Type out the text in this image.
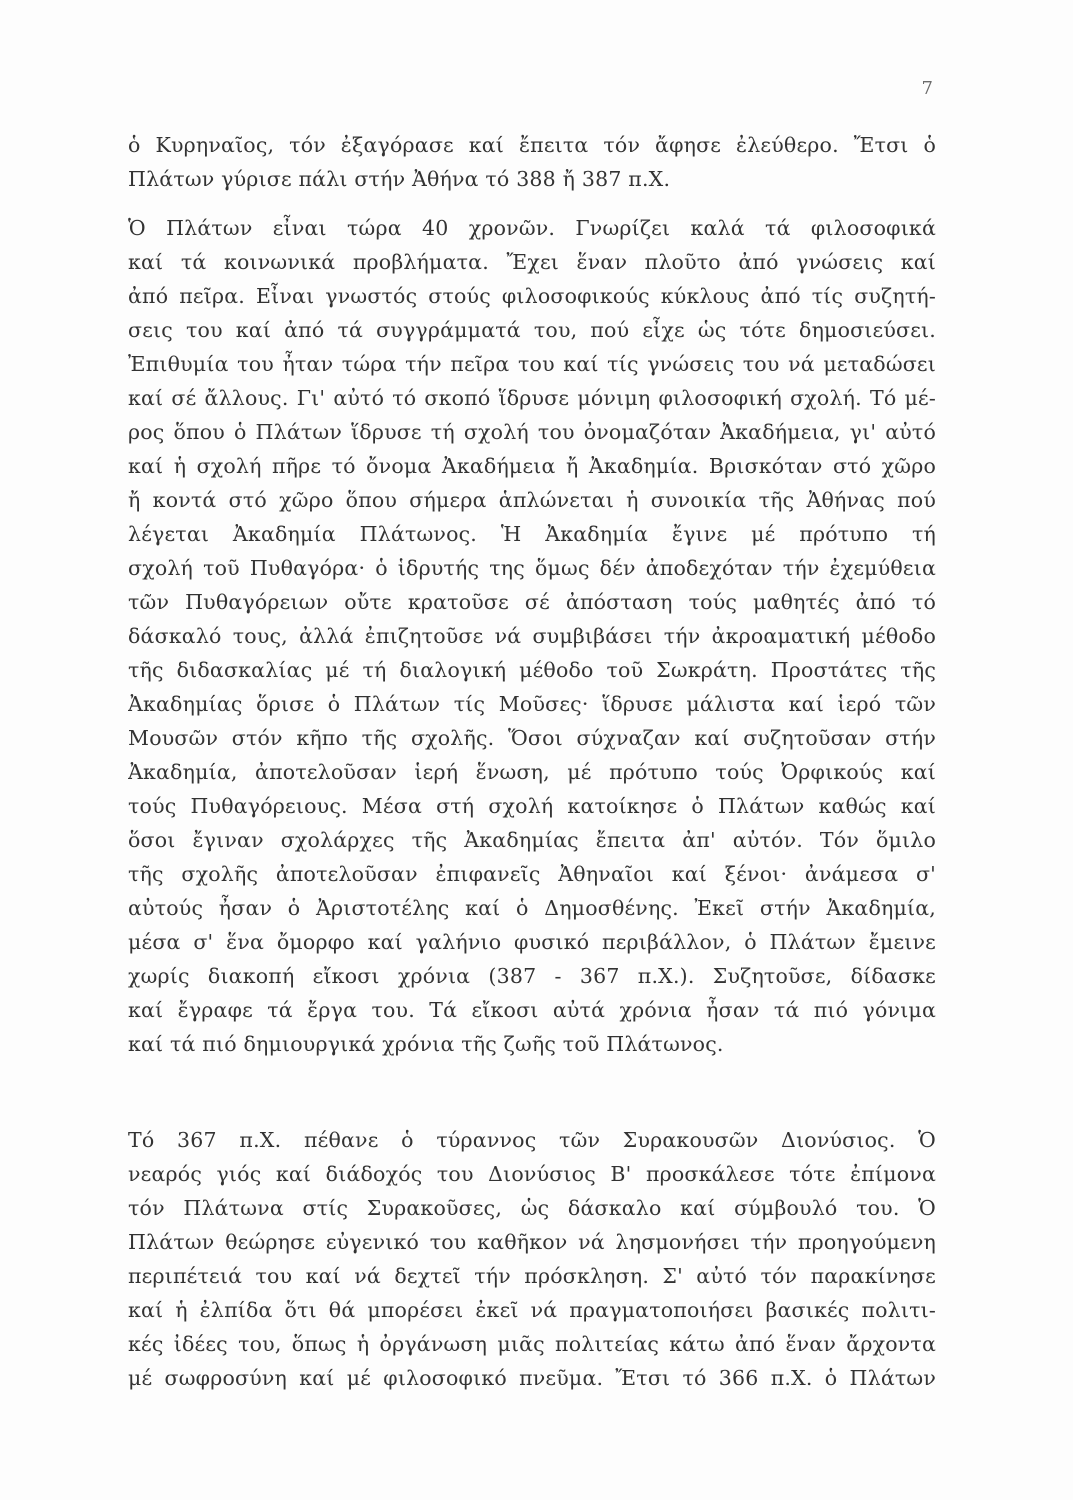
7
ὁ Κυρηναῖος, τόν ἐξαγόρασε καί ἔπειτα τόν ἄφησε ἐλεύθερο. Ἔτσι ὁ
Πλάτων γύρισε πάλι στήν Ἀθήνα τό 388 ἤ 387 π.Χ.
Ὁ Πλάτων εἶναι τώρα 40 χρονῶν. Γνωρίζει καλά τά φιλοσοφικά
καί τά κοινωνικά προβλήματα. Ἔχει ἕναν πλοῦτο ἀπό γνώσεις καί
ἀπό πεῖρα. Εἶναι γνωστός στούς φιλοσοφικούς κύκλους ἀπό τίς συζητή-
σεις του καί ἀπό τά συγγράμματά του, πού εἶχε ὡς τότε δημοσιεύσει.
Ἐπιθυμία του ἦταν τώρα τήν πεῖρα του καί τίς γνώσεις του νά μεταδώσει
καί σέ ἄλλους. Γι' αὐτό τό σκοπό ἵδρυσε μόνιμη φιλοσοφική σχολή. Τό μέ-
ρος ὅπου ὁ Πλάτων ἵδρυσε τή σχολή του ὀνομαζόταν Ἀκαδήμεια, γι' αὐτό
καί ἡ σχολή πῆρε τό ὄνομα Ἀκαδήμεια ἤ Ἀκαδημία. Βρισκόταν στό χῶρο
ἤ κοντά στό χῶρο ὅπου σήμερα ἁπλώνεται ἡ συνοικία τῆς Ἀθήνας πού
λέγεται Ἀκαδημία Πλάτωνος. Ἡ Ἀκαδημία ἔγινε μέ πρότυπο τή
σχολή τοῦ Πυθαγόρα· ὁ ἱδρυτής της ὅμως δέν ἀποδεχόταν τήν ἐχεμύθεια
τῶν Πυθαγόρειων οὔτε κρατοῦσε σέ ἀπόσταση τούς μαθητές ἀπό τό
δάσκαλό τους, ἀλλά ἐπιζητοῦσε νά συμβιβάσει τήν ἀκροαματική μέθοδο
τῆς διδασκαλίας μέ τή διαλογική μέθοδο τοῦ Σωκράτη. Προστάτες τῆς
Ἀκαδημίας ὅρισε ὁ Πλάτων τίς Μοῦσες· ἵδρυσε μάλιστα καί ἱερό τῶν
Μουσῶν στόν κῆπο τῆς σχολῆς. Ὅσοι σύχναζαν καί συζητοῦσαν στήν
Ἀκαδημία, ἀποτελοῦσαν ἱερή ἕνωση, μέ πρότυπο τούς Ὀρφικούς καί
τούς Πυθαγόρειους. Μέσα στή σχολή κατοίκησε ὁ Πλάτων καθώς καί
ὅσοι ἔγιναν σχολάρχες τῆς Ἀκαδημίας ἔπειτα ἀπ' αὐτόν. Τόν ὅμιλο
τῆς σχολῆς ἀποτελοῦσαν ἐπιφανεῖς Ἀθηναῖοι καί ξένοι· ἀνάμεσα σ'
αὐτούς ἦσαν ὁ Ἀριστοτέλης καί ὁ Δημοσθένης. Ἐκεῖ στήν Ἀκαδημία,
μέσα σ' ἕνα ὄμορφο καί γαλήνιο φυσικό περιβάλλον, ὁ Πλάτων ἔμεινε
χωρίς διακοπή εἴκοσι χρόνια (387 - 367 π.Χ.). Συζητοῦσε, δίδασκε
καί ἔγραφε τά ἔργα του. Τά εἴκοσι αὐτά χρόνια ἦσαν τά πιό γόνιμα
καί τά πιό δημιουργικά χρόνια τῆς ζωῆς τοῦ Πλάτωνος.
Τό 367 π.Χ. πέθανε ὁ τύραννος τῶν Συρακουσῶν Διονύσιος. Ὁ
νεαρός γιός καί διάδοχός του Διονύσιος Β' προσκάλεσε τότε ἐπίμονα
τόν Πλάτωνα στίς Συρακοῦσες, ὡς δάσκαλο καί σύμβουλό του. Ὁ
Πλάτων θεώρησε εὐγενικό του καθῆκον νά λησμονήσει τήν προηγούμενη
περιπέτειά του καί νά δεχτεῖ τήν πρόσκληση. Σ' αὐτό τόν παρακίνησε
καί ἡ ἐλπίδα ὅτι θά μπορέσει ἐκεῖ νά πραγματοποιήσει βασικές πολιτι-
κές ἰδέες του, ὅπως ἡ ὀργάνωση μιᾶς πολιτείας κάτω ἀπό ἕναν ἄρχοντα
μέ σωφροσύνη καί μέ φιλοσοφικό πνεῦμα. Ἔτσι τό 366 π.Χ. ὁ Πλάτων
